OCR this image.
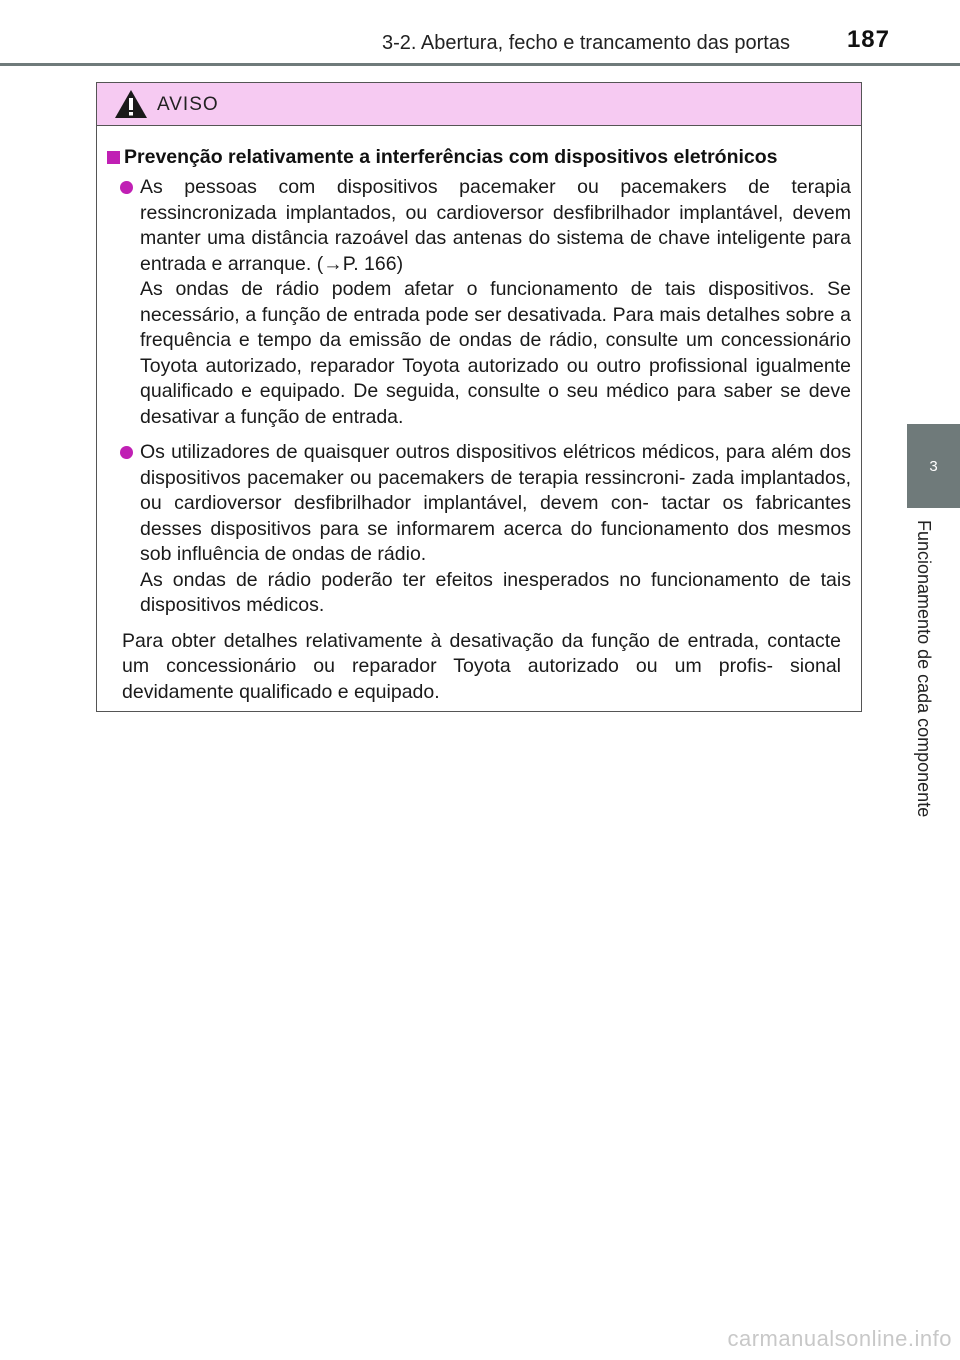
3-2. Abertura, fecho e trancamento das portas 187
3
Funcionamento de cada componente
AVISO
Prevenção relativamente a interferências com dispositivos eletrónicos

As pessoas com dispositivos pacemaker ou pacemakers de terapia ressincronizada implantados, ou cardioversor desfibrilhador implantável, devem manter uma distância razoável das antenas do sistema de chave inteligente para entrada e arranque. (→P. 166)

As ondas de rádio podem afetar o funcionamento de tais dispositivos. Se necessário, a função de entrada pode ser desativada. Para mais detalhes sobre a frequência e tempo da emissão de ondas de rádio, consulte um concessionário Toyota autorizado, reparador Toyota autorizado ou outro profissional igualmente qualificado e equipado. De seguida, consulte o seu médico para saber se deve desativar a função de entrada.

Os utilizadores de quaisquer outros dispositivos elétricos médicos, para além dos dispositivos pacemaker ou pacemakers de terapia ressincroni- zada implantados, ou cardioversor desfibrilhador implantável, devem con- tactar os fabricantes desses dispositivos para se informarem acerca do funcionamento dos mesmos sob influência de ondas de rádio.

As ondas de rádio poderão ter efeitos inesperados no funcionamento de tais dispositivos médicos.

Para obter detalhes relativamente à desativação da função de entrada, contacte um concessionário ou reparador Toyota autorizado ou um profis- sional devidamente qualificado e equipado.

carmanualsonline.info
